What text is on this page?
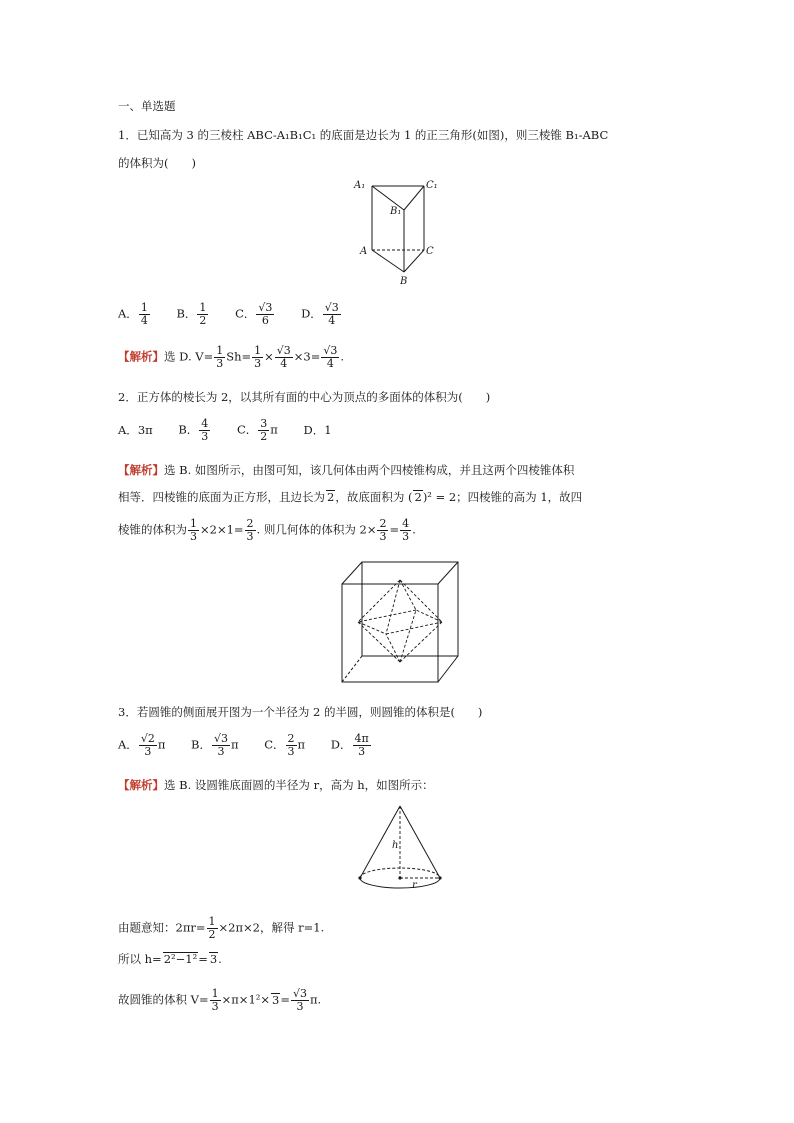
一、单选题
1．已知高为 3 的三棱柱 ABC-A₁B₁C₁ 的底面是边长为 1 的正三角形(如图)，则三棱锥 B₁-ABC
的体积为(　　)
A₁	C₁
B₁
A	C
B
A． $\frac{1}{4}$ B． $\frac{1}{2}$ C． $\frac{√3}{6}$ D． $\frac{√3}{4}$
【解析】选 D. $V= \frac{1}{3} Sh= \frac{1}{3} \times \frac{√3}{4} \times 3= \frac{√3}{4}$ .
2．正方体的棱长为 2，以其所有面的中心为顶点的多面体的体积为(　　)
A．3π B． $\frac{4}{3}$ C． $\frac{3}{2}$ π D．1
【解析】选 B. 如图所示，由图可知，该几何体由两个四棱锥构成，并且这两个四棱锥体积
相等．四棱锥的底面为正方形，且边长为 2，故底面积为 ( 2)² = 2；四棱锥的高为 1，故四
棱锥的体积为 $\frac{1}{3} \times 2\times 1= \frac{2}{3}$ . 则几何体的体积为 $2\times \frac{2}{3} = \frac{4}{3}$ .
3．若圆锥的侧面展开图为一个半径为 2 的半圆，则圆锥的体积是(　　)
A． $\frac{√2}{3}$ π B． $\frac{√3}{3}$ π C． $\frac{2}{3}$ π D． $\frac{4\pi}{3}$
【解析】选 B. 设圆锥底面圆的半径为 r，高为 h，如图所示：
h
r
由题意知：$2\pi r= \frac{1}{2} \times 2\pi\times 2$，解得 r=1.
所以 h= 2²−1²= 3.
故圆锥的体积 $V= \frac{1}{3} \times\pi\times 1^2\times 3= \frac{√3}{3} \pi$.
